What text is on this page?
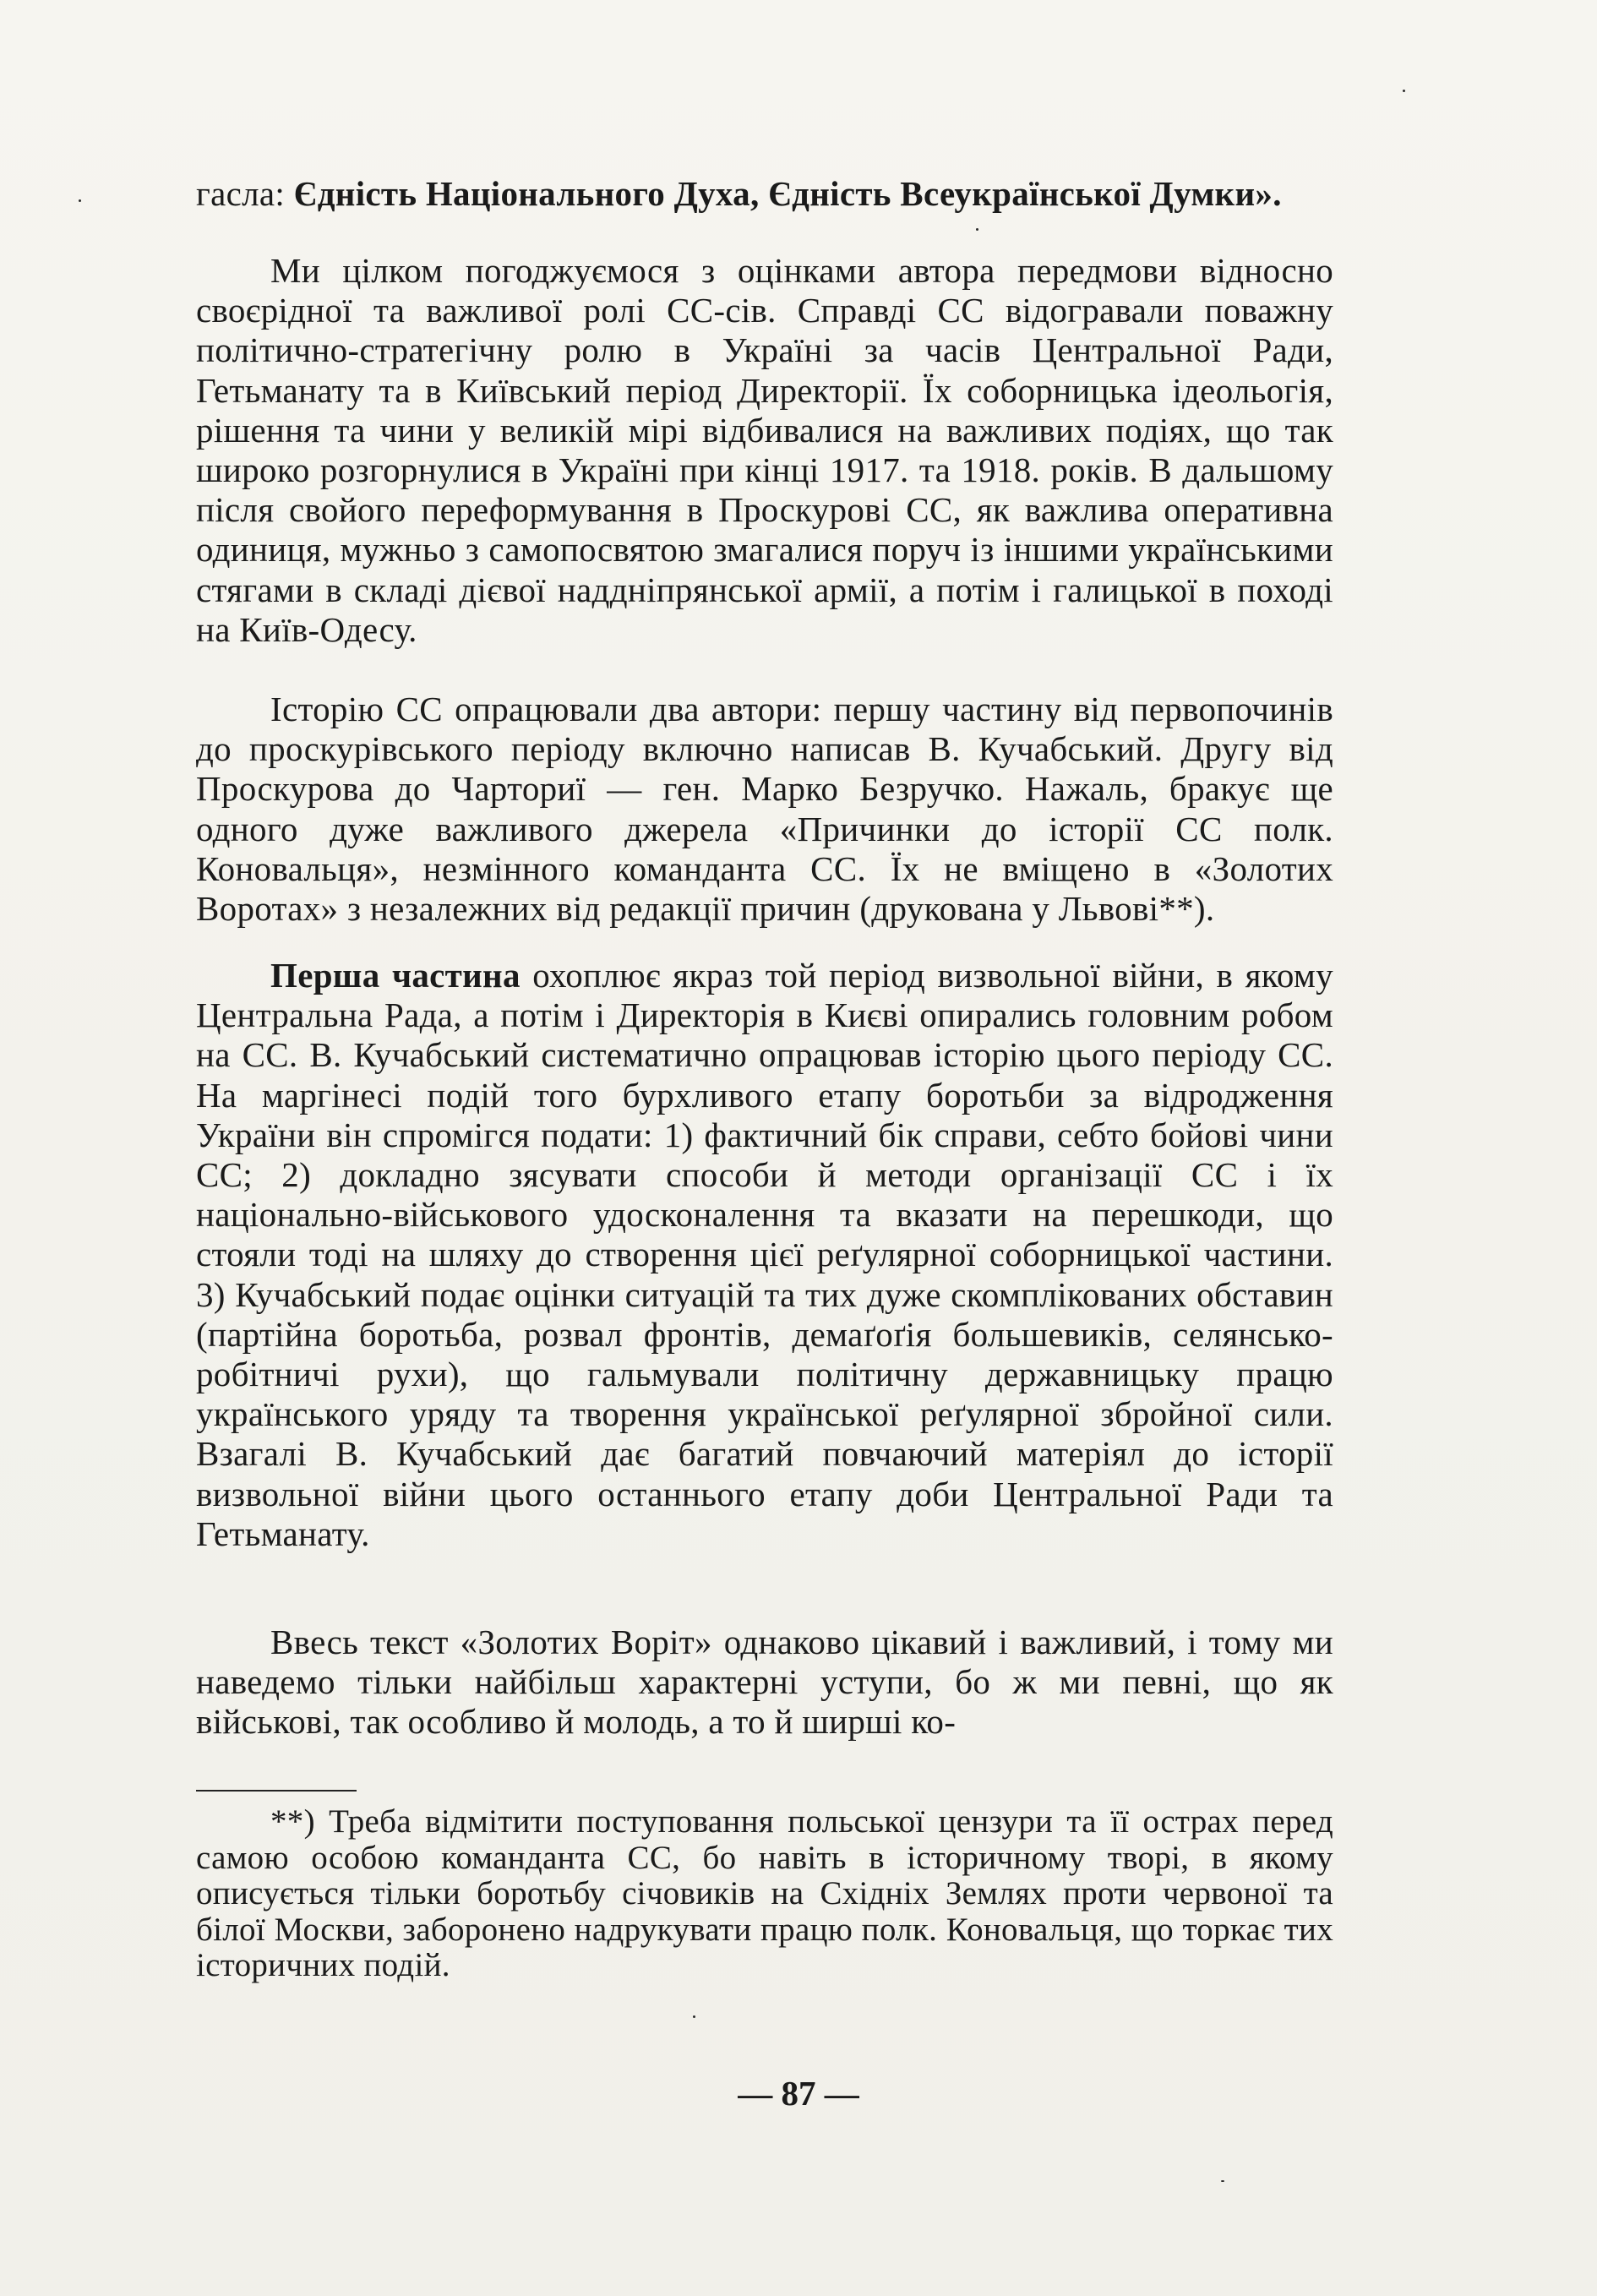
гасла: Єдність Національного Духа, Єдність Всеукраїнської Думки».

Ми цілком погоджуємося з оцінками автора передмови відносно своєрідної та важливої ролі СС-сів. Справді СС відогравали поважну політично-стратегічну ролю в Україні за часів Центральної Ради, Гетьманату та в Київський період Директорії. Їх соборницька ідеольогія, рішення та чини у великій мірі відбивалися на важливих подіях, що так широко розгорнулися в Україні при кінці 1917. та 1918. років. В дальшому після свойого переформування в Проскурові СС, як важлива оперативна одиниця, мужньо з самопосвятою змагалися поруч із іншими українськими стягами в складі дієвої наддніпрянської армії, а потім і галицької в поході на Київ-Одесу.

Історію СС опрацювали два автори: першу частину від первопочинів до проскурівського періоду включно написав В. Кучабський. Другу від Проскурова до Чарториї — ген. Марко Безручко. Нажаль, бракує ще одного дуже важливого джерела «Причинки до історії СС полк. Коновальця», незмінного команданта СС. Їх не вміщено в «Золотих Воротах» з незалежних від редакції причин (друкована у Львові**).

Перша частина охоплює якраз той період визвольної війни, в якому Центральна Рада, а потім і Директорія в Києві опирались головним робом на СС. В. Кучабський систематично опрацював історію цього періоду СС. На маргінесі подій того бурхливого етапу боротьби за відродження України він спромігся подати: 1) фактичний бік справи, себто бойові чини СС; 2) докладно зясувати способи й методи організації СС і їх національно-військового удосконалення та вказати на перешкоди, що стояли тоді на шляху до створення цієї реґулярної соборницької частини. 3) Кучабський подає оцінки ситуацій та тих дуже скомплікованих обставин (партійна боротьба, розвал фронтів, демаґоґія большевиків, селянсько-робітничі рухи), що гальмували політичну державницьку працю українського уряду та творення української реґулярної збройної сили. Взагалі В. Кучабський дає багатий повчаючий матеріял до історії визвольної війни цього останнього етапу доби Центральної Ради та Гетьманату.

Ввесь текст «Золотих Воріт» однаково цікавий і важливий, і тому ми наведемо тільки найбільш характерні уступи, бо ж ми певні, що як військові, так особливо й молодь, а то й ширші ко-

**) Треба відмітити поступовання польської цензури та її острах перед самою особою команданта СС, бо навіть в історичному творі, в якому описується тільки боротьбу січовиків на Східніх Землях проти червоної та білої Москви, заборонено надрукувати працю полк. Коновальця, що торкає тих історичних подій.

— 87 —
